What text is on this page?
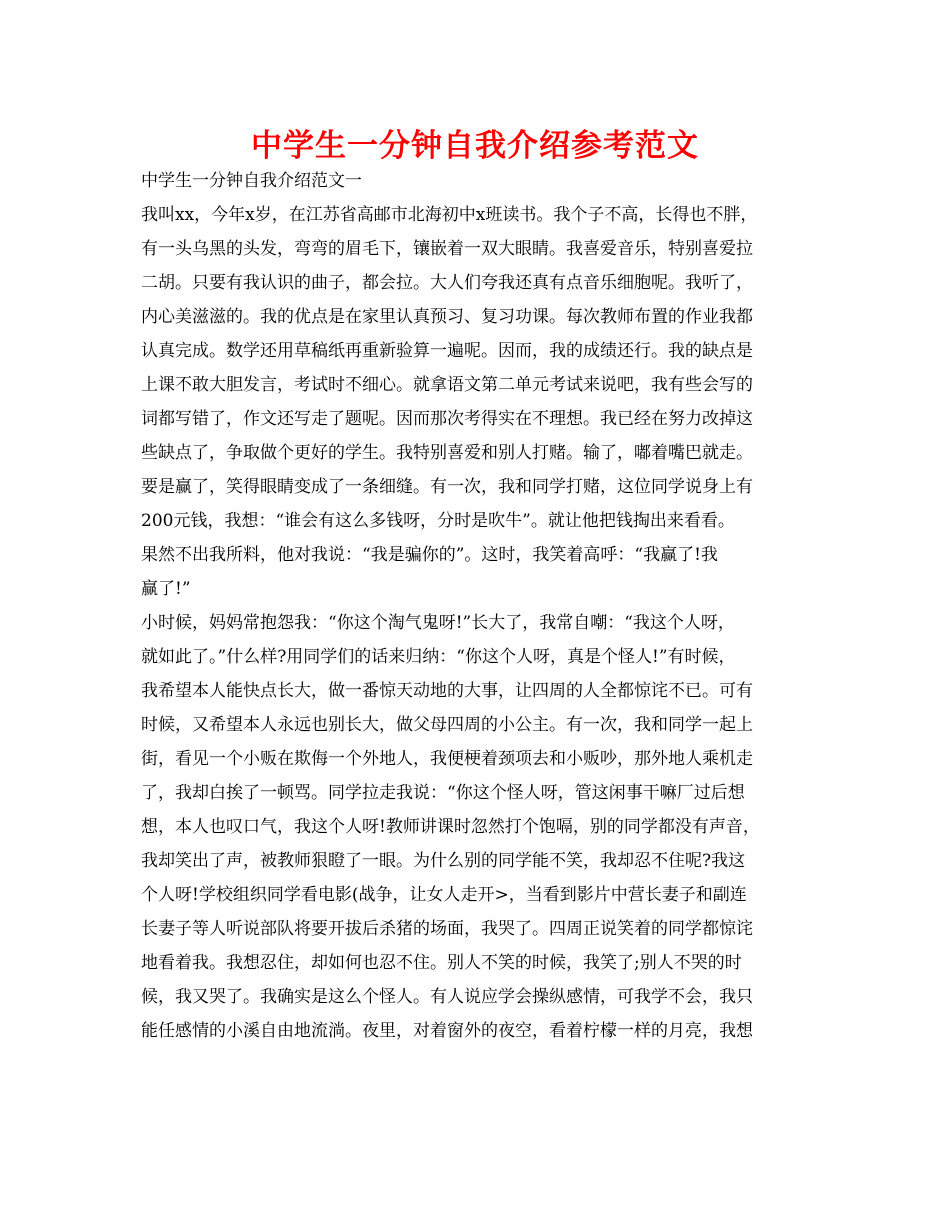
中学生一分钟自我介绍参考范文

中学生一分钟自我介绍范文一

我叫xx，今年x岁，在江苏省高邮市北海初中x班读书。我个子不高，长得也不胖，
有一头乌黑的头发，弯弯的眉毛下，镶嵌着一双大眼睛。我喜爱音乐，特别喜爱拉
二胡。只要有我认识的曲子，都会拉。大人们夸我还真有点音乐细胞呢。我听了，
内心美滋滋的。我的优点是在家里认真预习、复习功课。每次教师布置的作业我都
认真完成。数学还用草稿纸再重新验算一遍呢。因而，我的成绩还行。我的缺点是
上课不敢大胆发言，考试时不细心。就拿语文第二单元考试来说吧，我有些会写的
词都写错了，作文还写走了题呢。因而那次考得实在不理想。我已经在努力改掉这
些缺点了，争取做个更好的学生。我特别喜爱和别人打赌。输了，嘟着嘴巴就走。
要是赢了，笑得眼睛变成了一条细缝。有一次，我和同学打赌，这位同学说身上有
200元钱，我想：“谁会有这么多钱呀，分时是吹牛”。就让他把钱掏出来看看。
果然不出我所料，他对我说：“我是骗你的”。这时，我笑着高呼：“我赢了!我
赢了!”
小时候，妈妈常抱怨我：“你这个淘气鬼呀!”长大了，我常自嘲：“我这个人呀，
就如此了。”什么样?用同学们的话来归纳：“你这个人呀，真是个怪人!”有时候，
我希望本人能快点长大，做一番惊天动地的大事，让四周的人全都惊诧不已。可有
时候，又希望本人永远也别长大，做父母四周的小公主。有一次，我和同学一起上
街，看见一个小贩在欺侮一个外地人，我便梗着颈项去和小贩吵，那外地人乘机走
了，我却白挨了一顿骂。同学拉走我说：“你这个怪人呀，管这闲事干嘛厂过后想
想，本人也叹口气，我这个人呀!教师讲课时忽然打个饱嗝，别的同学都没有声音，
我却笑出了声，被教师狠瞪了一眼。为什么别的同学能不笑，我却忍不住呢?我这
个人呀!学校组织同学看电影(战争，让女人走开>，当看到影片中营长妻子和副连
长妻子等人听说部队将要开拔后杀猪的场面，我哭了。四周正说笑着的同学都惊诧
地看着我。我想忍住，却如何也忍不住。别人不笑的时候，我笑了;别人不哭的时
候，我又哭了。我确实是这么个怪人。有人说应学会操纵感情，可我学不会，我只
能任感情的小溪自由地流淌。夜里，对着窗外的夜空，看着柠檬一样的月亮，我想
